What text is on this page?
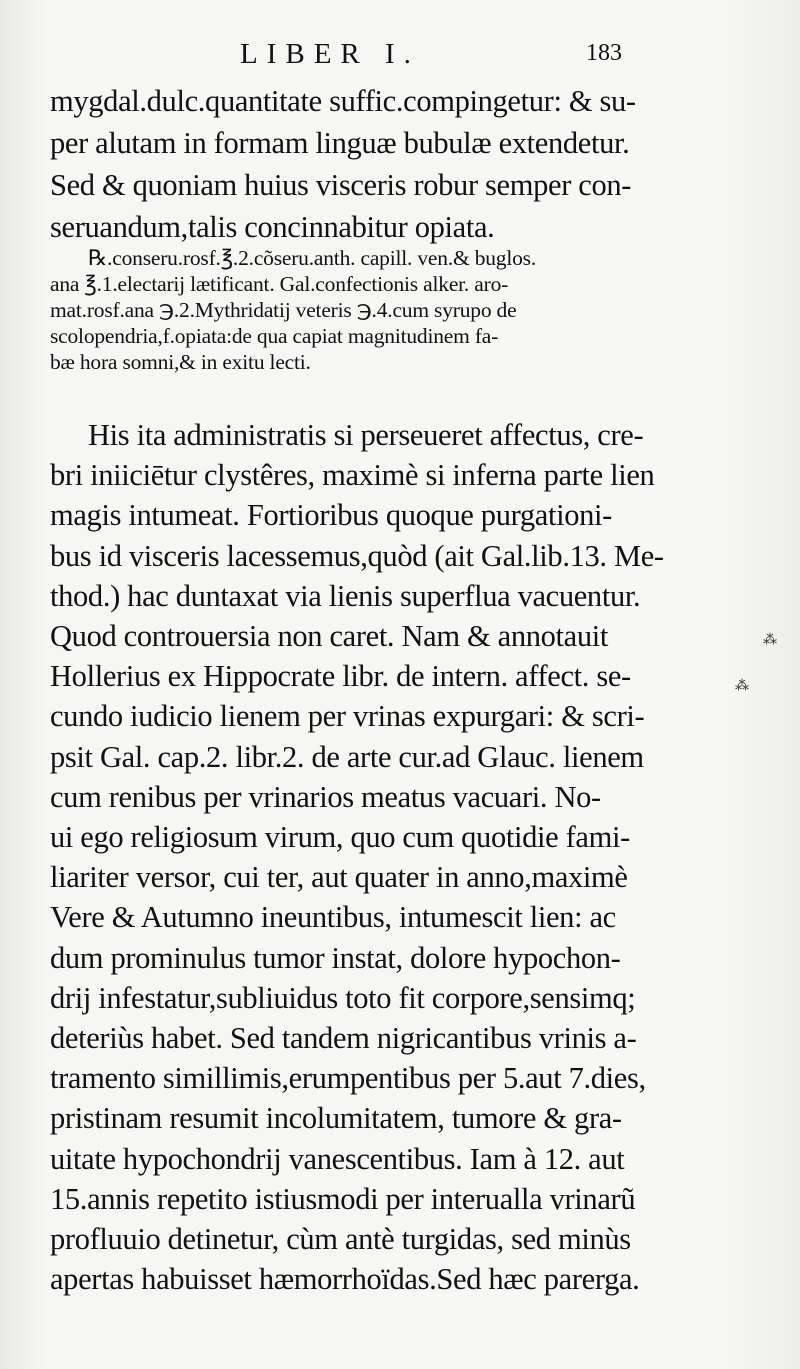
LIBER I.	183
mygdal.dulc.quantitate suffic.compingetur: & su-
per alutam in formam linguæ bubulæ extendetur.
Sed & quoniam huius visceris robur semper con-
seruandum,talis concinnabitur opiata.
℞.conseru.rosf.℥.2.cõseru.anth. capill. ven.& buglos.
ana ℥.1.electarij lætificant. Gal.confectionis alker. aro-
mat.rosf.ana ℈.2.Mythridatij veteris ℈.4.cum syrupo de
scolopendria,f.opiata:de qua capiat magnitudinem fa-
bæ hora somni,& in exitu lecti.
His ita administratis si perseueret affectus, cre-
bri iniiciētur clystêres, maximè si inferna parte lien
magis intumeat. Fortioribus quoque purgationi-
bus id visceris lacessemus,quòd (ait Gal.lib.13. Me-
thod.) hac duntaxat via lienis superflua vacuentur.
Quod controuersia non caret. Nam & annotauit
Hollerius ex Hippocrate libr. de intern. affect. se-
cundo iudicio lienem per vrinas expurgari: & scri-
psit Gal. cap.2. libr.2. de arte cur.ad Glauc. lienem
cum renibus per vrinarios meatus vacuari. No-
ui ego religiosum virum, quo cum quotidie fami-
liariter versor, cui ter, aut quater in anno,maximè
Vere & Autumno ineuntibus, intumescit lien: ac
dum prominulus tumor instat, dolore hypochon-
drij infestatur,subliuidus toto fit corpore,sensimq;
deteriùs habet. Sed tandem nigricantibus vrinis a-
tramento simillimis,erumpentibus per 5.aut 7.dies,
pristinam resumit incolumitatem, tumore & gra-
uitate hypochondrij vanescentibus. Iam à 12. aut
15.annis repetito istiusmodi per interualla vrinarũ
profluuio detinetur, cùm antè turgidas, sed minùs
apertas habuisset hæmorrhoïdas.Sed hæc parerga.
⁂
⁂
